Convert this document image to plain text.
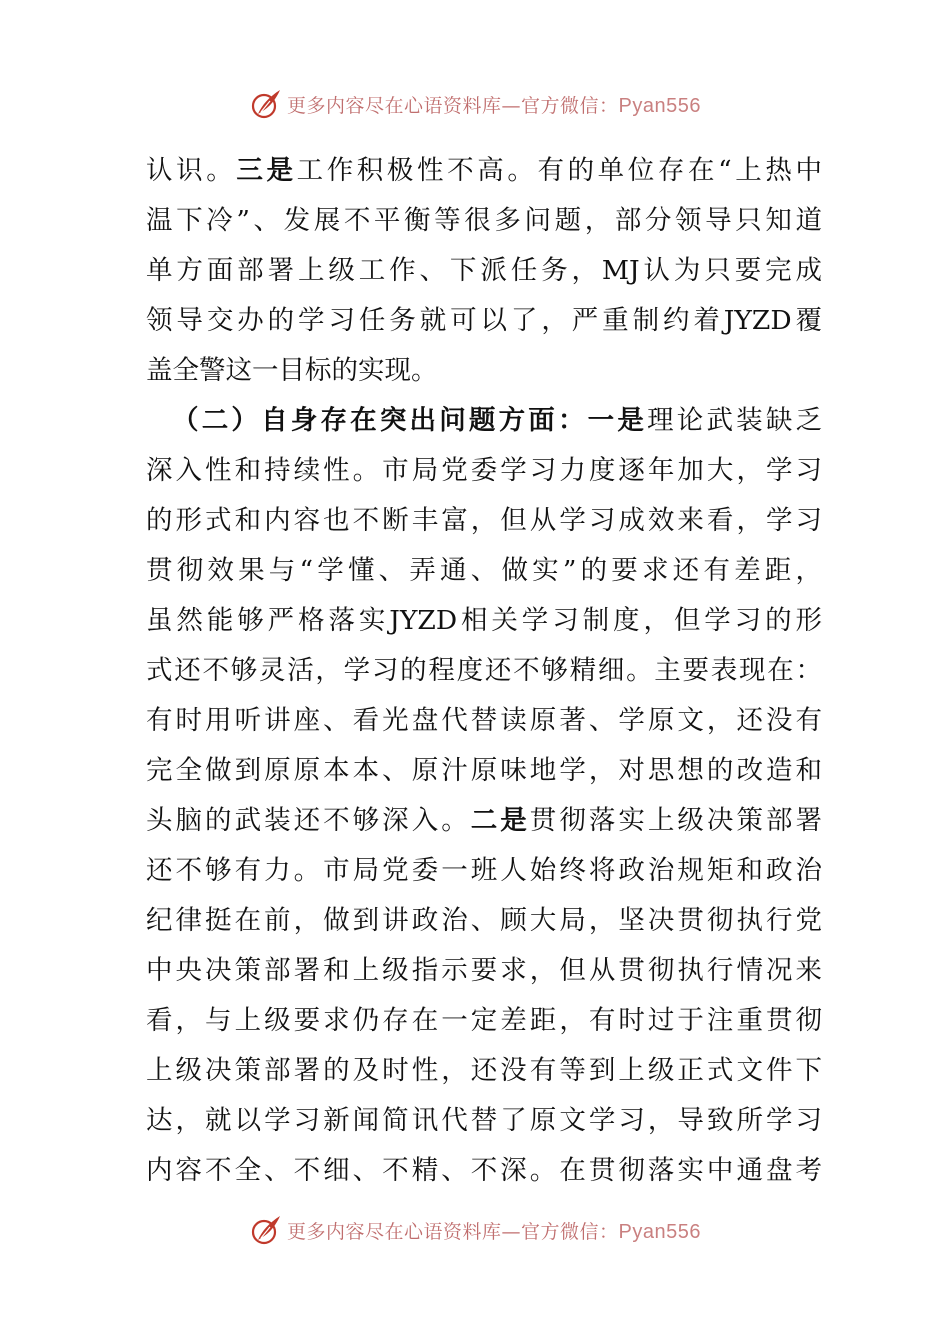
更多内容尽在心语资料库—官方微信：Pyan556
认识。三是工作积极性不高。有的单位存在“上热中
温下冷”、发展不平衡等很多问题，部分领导只知道
单方面部署上级工作、下派任务，MJ认为只要完成
领导交办的学习任务就可以了，严重制约着JYZD覆
盖全警这一目标的实现。
（二）自身存在突出问题方面：一是理论武装缺乏
深入性和持续性。市局党委学习力度逐年加大，学习
的形式和内容也不断丰富，但从学习成效来看，学习
贯彻效果与“学懂、弄通、做实”的要求还有差距，
虽然能够严格落实JYZD相关学习制度，但学习的形
式还不够灵活，学习的程度还不够精细。主要表现在：
有时用听讲座、看光盘代替读原著、学原文，还没有
完全做到原原本本、原汁原味地学，对思想的改造和
头脑的武装还不够深入。二是贯彻落实上级决策部署
还不够有力。市局党委一班人始终将政治规矩和政治
纪律挺在前，做到讲政治、顾大局，坚决贯彻执行党
中央决策部署和上级指示要求，但从贯彻执行情况来
看，与上级要求仍存在一定差距，有时过于注重贯彻
上级决策部署的及时性，还没有等到上级正式文件下
达，就以学习新闻简讯代替了原文学习，导致所学习
内容不全、不细、不精、不深。在贯彻落实中通盘考
更多内容尽在心语资料库—官方微信：Pyan556
